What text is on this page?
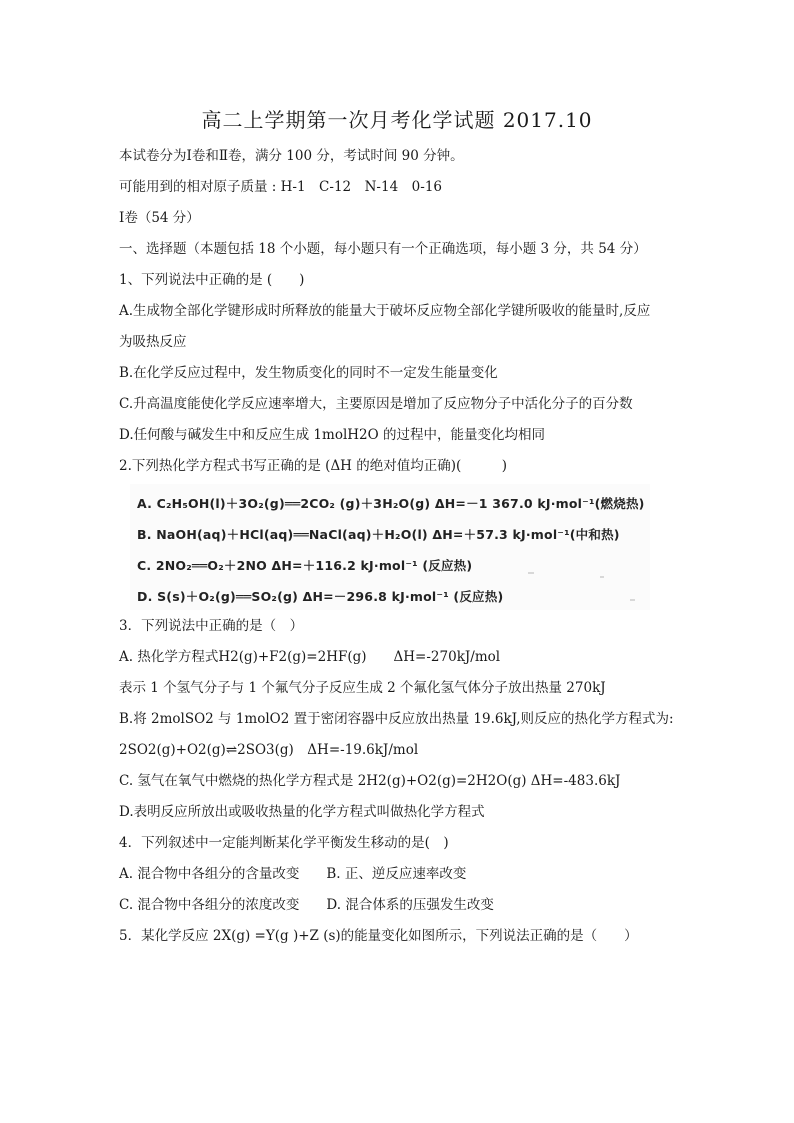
高二上学期第一次月考化学试题 2017.10
本试卷分为Ⅰ卷和Ⅱ卷，满分 100 分，考试时间 90 分钟。
可能用到的相对原子质量 : H-1　C-12　N-14　0-16
Ⅰ卷（54 分）
一、选择题（本题包括 18 个小题，每小题只有一个正确选项，每小题 3 分，共 54 分）
1、下列说法中正确的是 (　　)
A.生成物全部化学键形成时所释放的能量大于破坏反应物全部化学键所吸收的能量时,反应
为吸热反应
B.在化学反应过程中，发生物质变化的同时不一定发生能量变化
C.升高温度能使化学反应速率增大，主要原因是增加了反应物分子中活化分子的百分数
D.任何酸与碱发生中和反应生成 1molH2O 的过程中，能量变化均相同
2.下列热化学方程式书写正确的是 (ΔH 的绝对值均正确)(　　　)
A. C₂H₅OH(l)＋3O₂(g)══2CO₂ (g)＋3H₂O(g) ΔH=－1 367.0 kJ·mol⁻¹(燃烧热)
B. NaOH(aq)＋HCl(aq)══NaCl(aq)＋H₂O(l) ΔH=＋57.3 kJ·mol⁻¹(中和热)
C. 2NO₂══O₂＋2NO ΔH=＋116.2 kJ·mol⁻¹ (反应热)
D. S(s)＋O₂(g)══SO₂(g) ΔH=－296.8 kJ·mol⁻¹ (反应热)
3．下列说法中正确的是（　）
A. 热化学方程式H2(g)+F2(g)=2HF(g)　　ΔH=-270kJ/mol
表示 1 个氢气分子与 1 个氟气分子反应生成 2 个氟化氢气体分子放出热量 270kJ
B.将 2molSO2 与 1molO2 置于密闭容器中反应放出热量 19.6kJ,则反应的热化学方程式为:
2SO2(g)+O2(g)⇌2SO3(g)　ΔH=-19.6kJ/mol
C. 氢气在氧气中燃烧的热化学方程式是 2H2(g)+O2(g)=2H2O(g) ΔH=-483.6kJ
D.表明反应所放出或吸收热量的化学方程式叫做热化学方程式
4．下列叙述中一定能判断某化学平衡发生移动的是(　)
A. 混合物中各组分的含量改变　　B. 正、逆反应速率改变
C. 混合物中各组分的浓度改变　　D. 混合体系的压强发生改变
5．某化学反应 2X(g) =Y(g )+Z (s)的能量变化如图所示，下列说法正确的是（　　）
